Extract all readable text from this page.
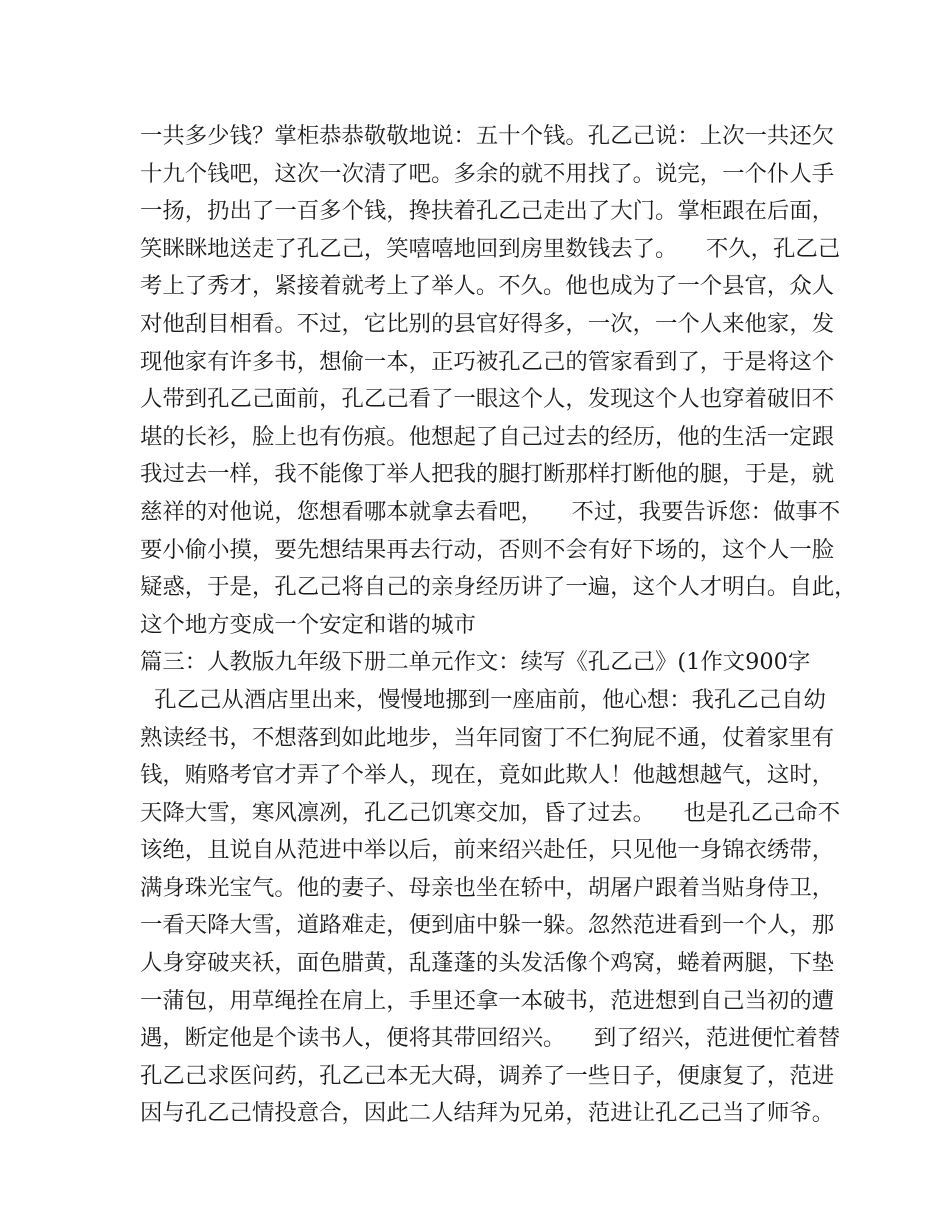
一共多少钱？掌柜恭恭敬敬地说：五十个钱。孔乙己说：上次一共还欠
十九个钱吧，这次一次清了吧。多余的就不用找了。说完，一个仆人手
一扬，扔出了一百多个钱，搀扶着孔乙己走出了大门。掌柜跟在后面，
笑眯眯地送走了孔乙己，笑嘻嘻地回到房里数钱去了。    不久，孔乙己
考上了秀才，紧接着就考上了举人。不久。他也成为了一个县官，众人
对他刮目相看。不过，它比别的县官好得多，一次，一个人来他家，发
现他家有许多书，想偷一本，正巧被孔乙己的管家看到了，于是将这个
人带到孔乙己面前，孔乙己看了一眼这个人，发现这个人也穿着破旧不
堪的长衫，脸上也有伤痕。他想起了自己过去的经历，他的生活一定跟
我过去一样，我不能像丁举人把我的腿打断那样打断他的腿，于是，就
慈祥的对他说，您想看哪本就拿去看吧，    不过，我要告诉您：做事不
要小偷小摸，要先想结果再去行动，否则不会有好下场的，这个人一脸
疑惑，于是，孔乙己将自己的亲身经历讲了一遍，这个人才明白。自此，
这个地方变成一个安定和谐的城市
篇三：人教版九年级下册二单元作文：续写《孔乙己》(1作文900字
孔乙己从酒店里出来，慢慢地挪到一座庙前，他心想：我孔乙己自幼
熟读经书，不想落到如此地步，当年同窗丁不仁狗屁不通，仗着家里有
钱，贿赂考官才弄了个举人，现在，竟如此欺人！他越想越气，这时，
天降大雪，寒风凛冽，孔乙己饥寒交加，昏了过去。    也是孔乙己命不
该绝，且说自从范进中举以后，前来绍兴赴任，只见他一身锦衣绣带，
满身珠光宝气。他的妻子、母亲也坐在轿中，胡屠户跟着当贴身侍卫，
一看天降大雪，道路难走，便到庙中躲一躲。忽然范进看到一个人，那
人身穿破夹袄，面色腊黄，乱蓬蓬的头发活像个鸡窝，蜷着两腿，下垫
一蒲包，用草绳拴在肩上，手里还拿一本破书，范进想到自己当初的遭
遇，断定他是个读书人，便将其带回绍兴。    到了绍兴，范进便忙着替
孔乙己求医问药，孔乙己本无大碍，调养了一些日子，便康复了，范进
因与孔乙己情投意合，因此二人结拜为兄弟，范进让孔乙己当了师爷。
